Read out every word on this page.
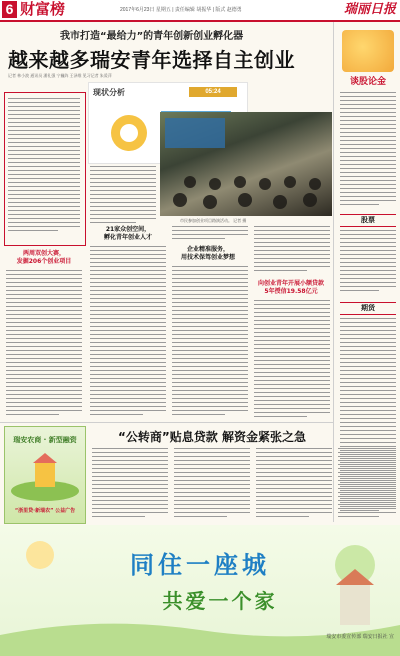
6 财富榜	2017年6月23日 星期五 | 责任编辑 胡振华 | 版式 赵德勇	瑞丽日报
我市打造“最给力”的青年创新创业孵化器
越来越多瑞安青年选择自主创业
记者 林小波 通讯员 潘礼强 宁巍阵 王泽维 见习记者 朱爱萍
现状分析	05:24
市民参加创业项目路演活动。 记者 摄
两周双创大赛，
发掘206个创业项目
21家众创空间，
孵化青年创业人才
企业精准服务，
用技术保驾创业梦想
向创业青年开展小额贷款
5年授信19.58亿元
谈股论金
股票
期货
瑞安农商 · 新型融资
“浙里贷·新瑞农” 公益广告
“公转商”贴息贷款 解资金紧张之急
同住一座城
共爱一个家
瑞安市委宣传部 瑞安日报社 宣
